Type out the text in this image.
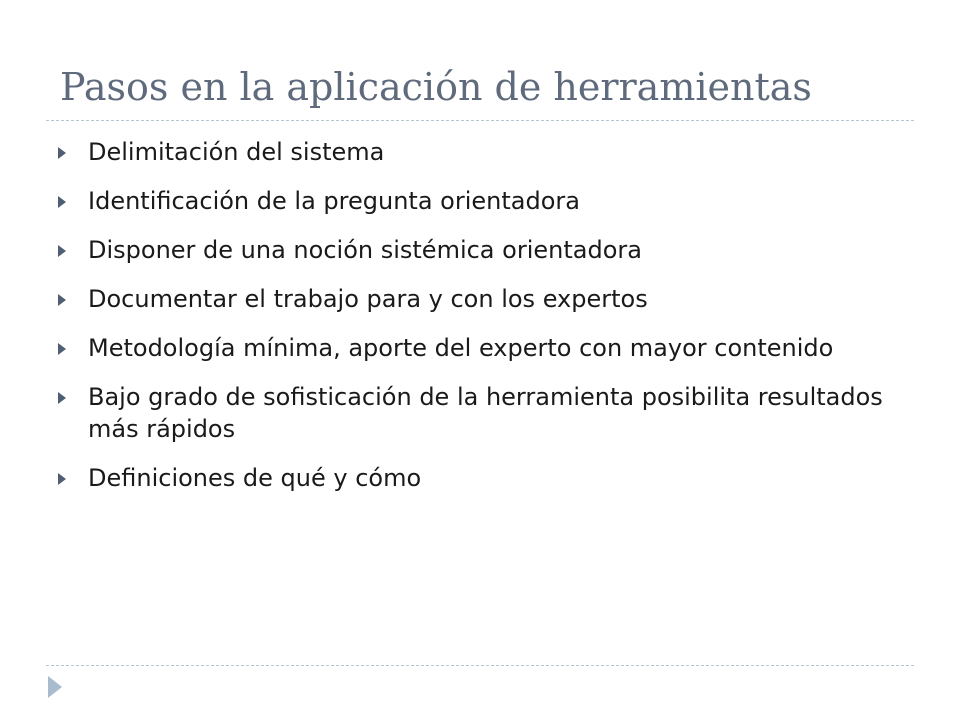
Pasos en la aplicación de herramientas
Delimitación del sistema
Identificación de la pregunta orientadora
Disponer de una noción sistémica orientadora
Documentar el trabajo para y con los expertos
Metodología mínima, aporte del experto con mayor contenido
Bajo grado de sofisticación de la herramienta posibilita resultados más rápidos
Definiciones de qué y cómo
